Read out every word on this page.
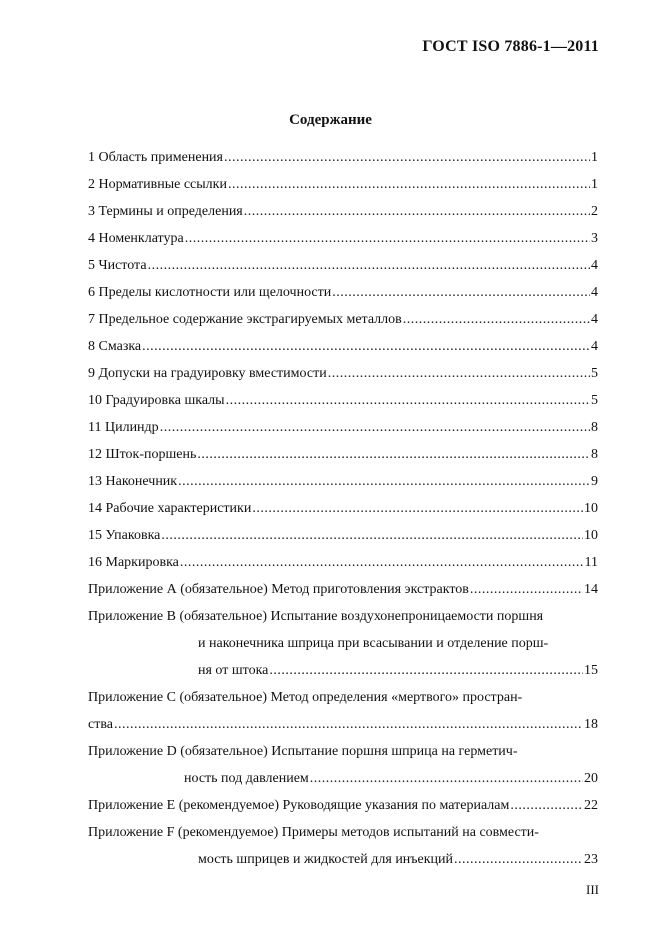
ГОСТ ISO 7886-1—2011
Содержание
1 Область применения .....	1
2 Нормативные ссылки .....	1
3 Термины и определения .....	2
4 Номенклатура .....	3
5 Чистота .....	4
6 Пределы кислотности или щелочности .....	4
7 Предельное содержание экстрагируемых металлов .....	4
8 Смазка .....	4
9 Допуски на градуировку вместимости .....	5
10 Градуировка шкалы .....	5
11 Цилиндр .....	8
12 Шток-поршень .....	8
13 Наконечник .....	9
14 Рабочие характеристики .....	10
15 Упаковка .....	10
16 Маркировка .....	11
Приложение А (обязательное) Метод приготовления экстрактов .....	14
Приложение В (обязательное) Испытание воздухонепроницаемости поршня
и наконечника шприца при всасывании и отделение порш-
ня от штока .....	15
Приложение С (обязательное) Метод определения «мертвого» простран-
ства .....	18
Приложение D (обязательное) Испытание поршня шприца на герметич-
ность под давлением .....	20
Приложение Е (рекомендуемое) Руководящие указания по материалам .....	22
Приложение F (рекомендуемое) Примеры методов испытаний на совмести-
мость шприцев и жидкостей для инъекций .....	23
III
